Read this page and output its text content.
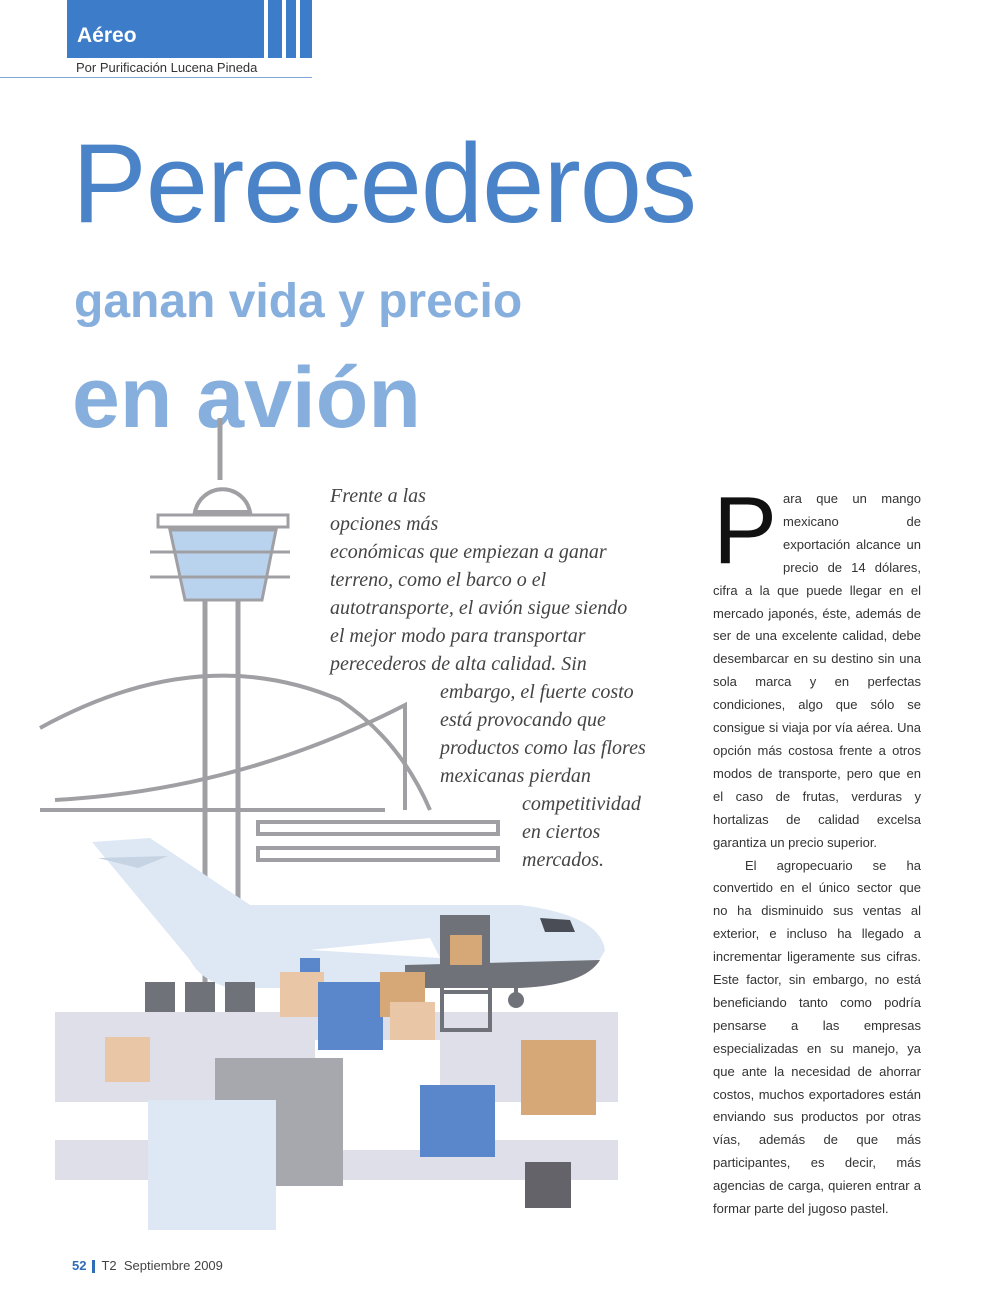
Aéreo
Por Purificación Lucena Pineda
Perecederos
ganan vida y precio
en avión
Frente a las
opciones más
económicas que empiezan a ganar
terreno, como el barco o el
autotransporte, el avión sigue siendo
el mejor modo para transportar
perecederos de alta calidad. Sin
embargo, el fuerte costo
está provocando que
productos como las flores
mexicanas pierdan
competitividad
en ciertos
mercados.

Para que un mango mexicano de exportación alcance un precio de 14 dólares, cifra a la que puede llegar en el mercado japonés, éste, además de ser de una excelente calidad, debe desembarcar en su destino sin una sola marca y en perfectas condiciones, algo que sólo se consigue si viaja por vía aérea. Una opción más costosa frente a otros modos de transporte, pero que en el caso de frutas, verduras y hortalizas de calidad excelsa garantiza un precio superior.

El agropecuario se ha convertido en el único sector que no ha disminuido sus ventas al exterior, e incluso ha llegado a incrementar ligeramente sus cifras. Este factor, sin embargo, no está beneficiando tanto como podría pensarse a las empresas especializadas en su manejo, ya que ante la necesidad de ahorrar costos, muchos exportadores están enviando sus productos por otras vías, además de que más participantes, es decir, más agencias de carga, quieren entrar a formar parte del jugoso pastel.

52 T2 Septiembre 2009
